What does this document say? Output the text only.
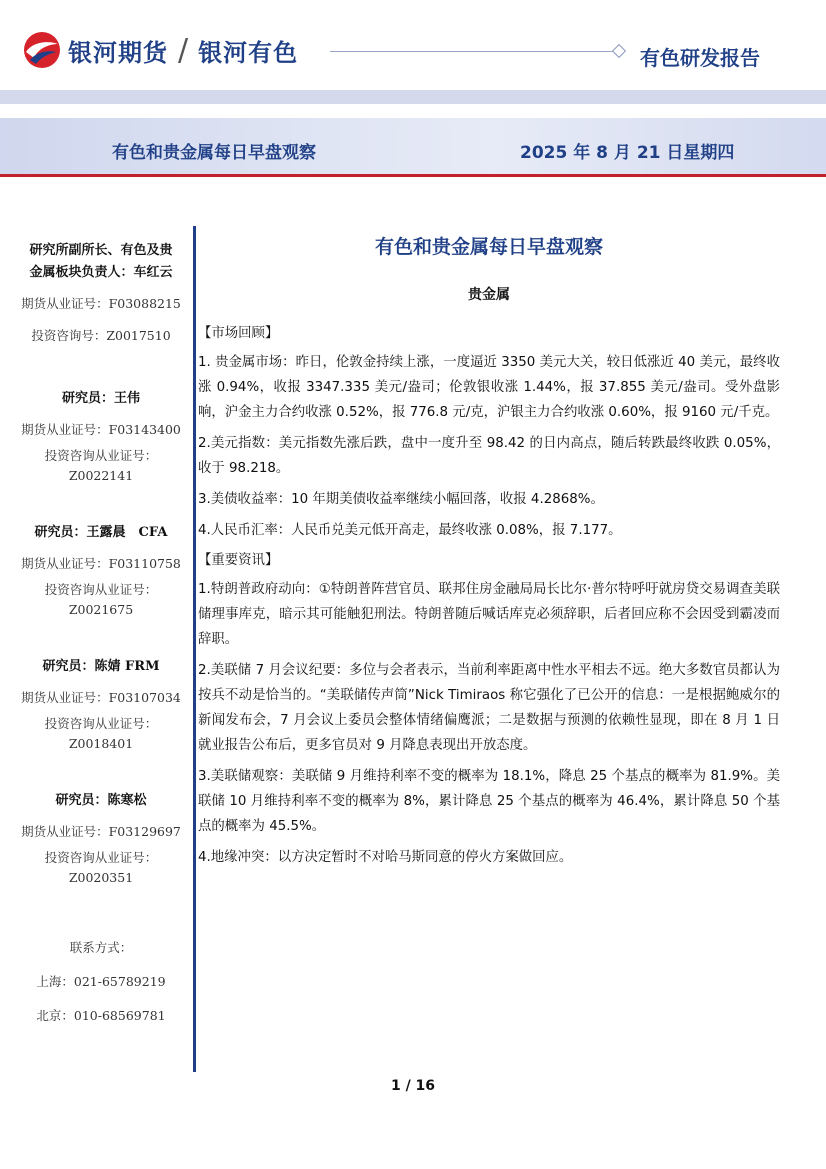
银河期货 / 银河有色	有色研发报告
有色和贵金属每日早盘观察	2025 年 8 月 21 日星期四
研究所副所长、有色及贵
金属板块负责人：车红云
期货从业证号：F03088215
投资咨询号：Z0017510
研究员：王伟
期货从业证号：F03143400
投资咨询从业证号：
Z0022141
研究员：王露晨　CFA
期货从业证号：F03110758
投资咨询从业证号：
Z0021675
研究员：陈婧 FRM
期货从业证号：F03107034
投资咨询从业证号：
Z0018401
研究员：陈寒松
期货从业证号：F03129697
投资咨询从业证号：
Z0020351
联系方式：
上海：021-65789219
北京：010-68569781
有色和贵金属每日早盘观察
贵金属
【市场回顾】
1. 贵金属市场：昨日，伦敦金持续上涨，一度逼近 3350 美元大关，较日低涨近 40 美元，最终收涨 0.94%，收报 3347.335 美元/盎司；伦敦银收涨 1.44%，报 37.855 美元/盎司。受外盘影响，沪金主力合约收涨 0.52%，报 776.8 元/克，沪银主力合约收涨 0.60%，报 9160 元/千克。
2.美元指数：美元指数先涨后跌，盘中一度升至 98.42 的日内高点，随后转跌最终收跌 0.05%，收于 98.218。
3.美债收益率：10 年期美债收益率继续小幅回落，收报 4.2868%。
4.人民币汇率：人民币兑美元低开高走，最终收涨 0.08%，报 7.177。
【重要资讯】
1.特朗普政府动向：①特朗普阵营官员、联邦住房金融局局长比尔·普尔特呼吁就房贷交易调查美联储理事库克，暗示其可能触犯刑法。特朗普随后喊话库克必须辞职，后者回应称不会因受到霸凌而辞职。
2.美联储 7 月会议纪要：多位与会者表示，当前利率距离中性水平相去不远。绝大多数官员都认为按兵不动是恰当的。“美联储传声筒”Nick Timiraos 称它强化了已公开的信息：一是根据鲍威尔的新闻发布会，7 月会议上委员会整体情绪偏鹰派；二是数据与预测的依赖性显现，即在 8 月 1 日就业报告公布后，更多官员对 9 月降息表现出开放态度。
3.美联储观察：美联储 9 月维持利率不变的概率为 18.1%，降息 25 个基点的概率为 81.9%。美联储 10 月维持利率不变的概率为 8%，累计降息 25 个基点的概率为 46.4%，累计降息 50 个基点的概率为 45.5%。
4.地缘冲突：以方决定暂时不对哈马斯同意的停火方案做回应。
1 / 16
